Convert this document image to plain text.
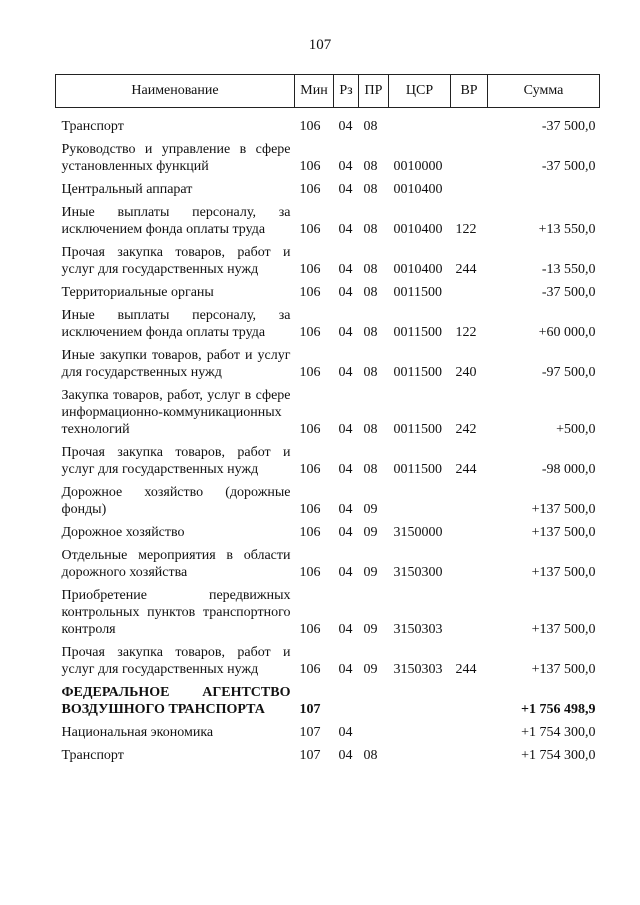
107
Наименование	Мин	Рз	ПР	ЦСР	ВР	Сумма
Транспорт	106	04	08			-37 500,0
Руководство и управление в сфере установленных функций	106	04	08	0010000		-37 500,0
Центральный аппарат	106	04	08	0010400		
Иные выплаты персоналу, за исключением фонда оплаты труда	106	04	08	0010400	122	+13 550,0
Прочая закупка товаров, работ и услуг для государственных нужд	106	04	08	0010400	244	-13 550,0
Территориальные органы	106	04	08	0011500		-37 500,0
Иные выплаты персоналу, за исключением фонда оплаты труда	106	04	08	0011500	122	+60 000,0
Иные закупки товаров, работ и услуг для государственных нужд	106	04	08	0011500	240	-97 500,0
Закупка товаров, работ, услуг в сфере информационно-коммуникационных технологий	106	04	08	0011500	242	+500,0
Прочая закупка товаров, работ и услуг для государственных нужд	106	04	08	0011500	244	-98 000,0
Дорожное хозяйство (дорожные фонды)	106	04	09			+137 500,0
Дорожное хозяйство	106	04	09	3150000		+137 500,0
Отдельные мероприятия в области дорожного хозяйства	106	04	09	3150300		+137 500,0
Приобретение передвижных контрольных пунктов транспортного контроля	106	04	09	3150303		+137 500,0
Прочая закупка товаров, работ и услуг для государственных нужд	106	04	09	3150303	244	+137 500,0
ФЕДЕРАЛЬНОЕ АГЕНТСТВО ВОЗДУШНОГО ТРАНСПОРТА	107					+1 756 498,9
Национальная экономика	107	04				+1 754 300,0
Транспорт	107	04	08			+1 754 300,0
